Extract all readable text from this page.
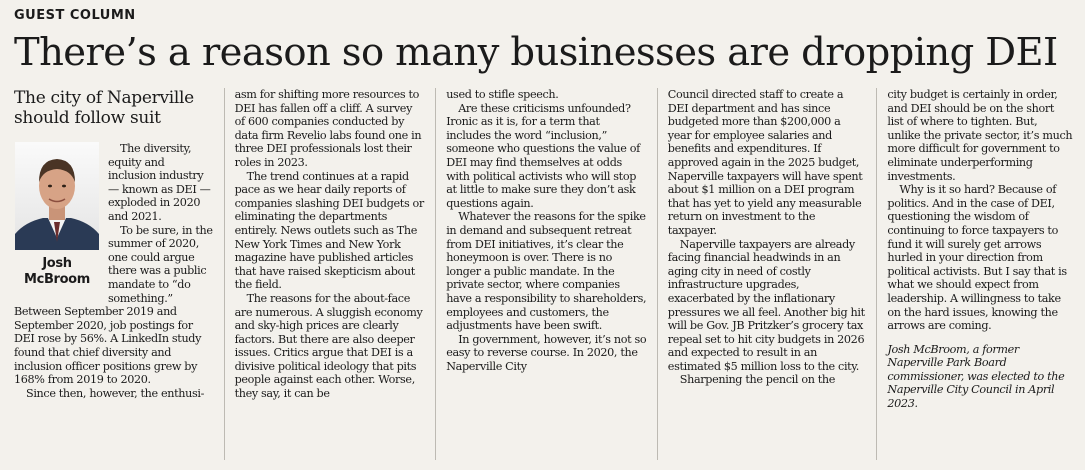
GUEST COLUMN
There’s a reason so many businesses are dropping DEI
The city of Naperville should follow suit
Josh
McBroom

The diversity, equity and inclusion industry — known as DEI — exploded in 2020 and 2021.

To be sure, in the summer of 2020, one could argue there was a public mandate to “do something.” Between September 2019 and September 2020, job postings for DEI rose by 56%. A LinkedIn study found that chief diversity and inclusion officer positions grew by 168% from 2019 to 2020.

Since then, however, the enthusi-

asm for shifting more resources to DEI has fallen off a cliff. A survey of 600 companies conducted by data firm Revelio labs found one in three DEI professionals lost their roles in 2023.

The trend continues at a rapid pace as we hear daily reports of companies slashing DEI budgets or eliminating the departments entirely. News outlets such as The New York Times and New York magazine have published articles that have raised skepticism about the field.

The reasons for the about-face are numerous. A sluggish economy and sky-high prices are clearly factors. But there are also deeper issues. Critics argue that DEI is a divisive political ideology that pits people against each other. Worse, they say, it can be

used to stifle speech.

Are these criticisms unfounded? Ironic as it is, for a term that includes the word “inclusion,” someone who questions the value of DEI may find themselves at odds with political activists who will stop at little to make sure they don’t ask questions again.

Whatever the reasons for the spike in demand and subsequent retreat from DEI initiatives, it’s clear the honeymoon is over. There is no longer a public mandate. In the private sector, where companies have a responsibility to shareholders, employees and customers, the adjustments have been swift.

In government, however, it’s not so easy to reverse course. In 2020, the Naperville City

Council directed staff to create a DEI department and has since budgeted more than $200,000 a year for employee salaries and benefits and expenditures. If approved again in the 2025 budget, Naperville taxpayers will have spent about $1 million on a DEI program that has yet to yield any measurable return on investment to the taxpayer.

Naperville taxpayers are already facing financial headwinds in an aging city in need of costly infrastructure upgrades, exacerbated by the inflationary pressures we all feel. Another big hit will be Gov. JB Pritzker’s grocery tax repeal set to hit city budgets in 2026 and expected to result in an estimated $5 million loss to the city.

Sharpening the pencil on the

city budget is certainly in order, and DEI should be on the short list of where to tighten. But, unlike the private sector, it’s much more difficult for government to eliminate underperforming investments.

Why is it so hard? Because of politics. And in the case of DEI, questioning the wisdom of continuing to force taxpayers to fund it will surely get arrows hurled in your direction from political activists. But I say that is what we should expect from leadership. A willingness to take on the hard issues, knowing the arrows are coming.

Josh McBroom, a former Naperville Park Board commissioner, was elected to the Naperville City Council in April 2023.
